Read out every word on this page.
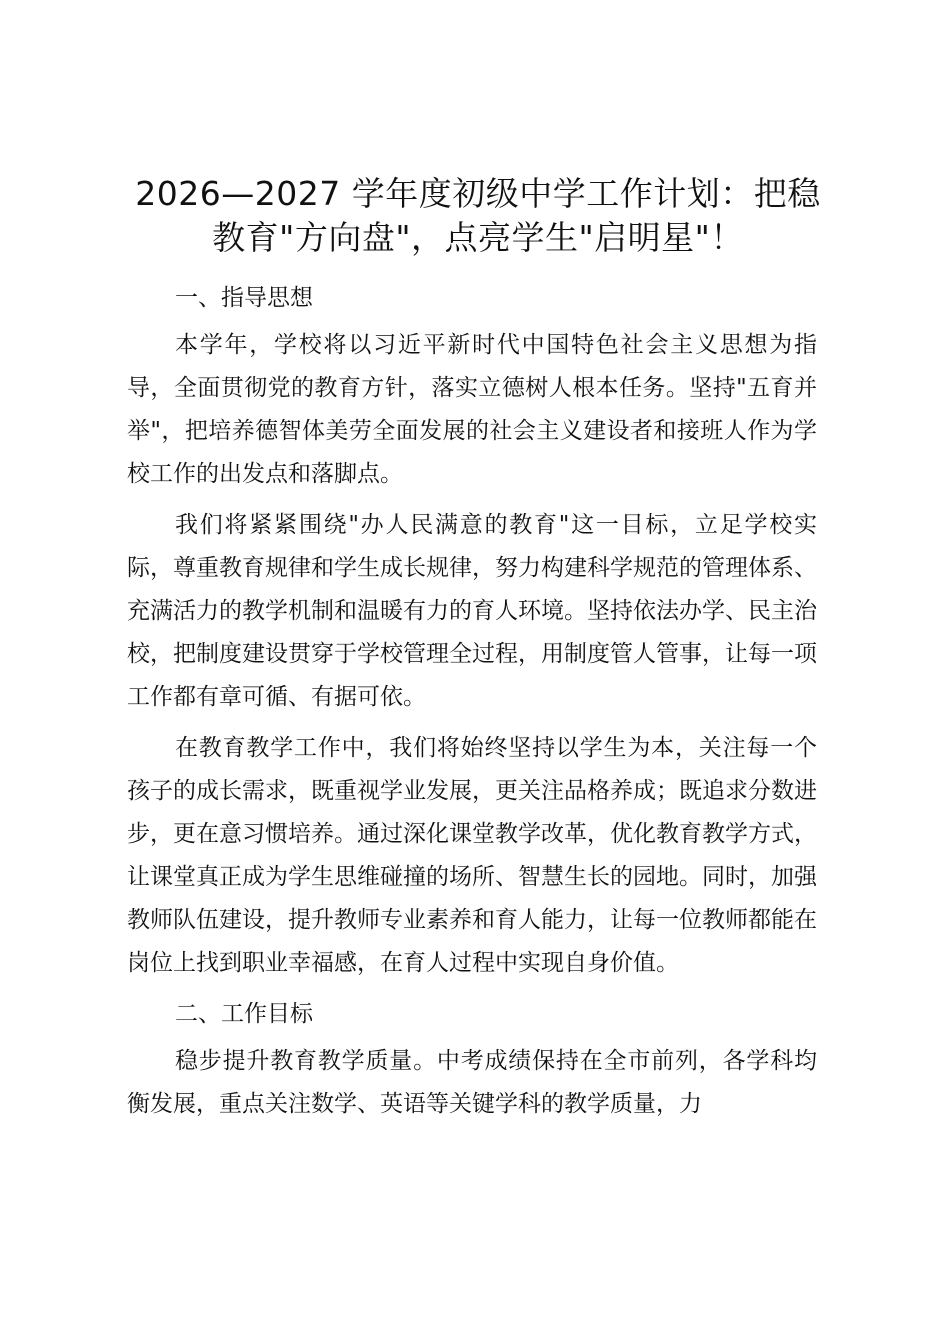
2026—2027 学年度初级中学工作计划：把稳教育"方向盘"，点亮学生"启明星"！

一、指导思想

本学年，学校将以习近平新时代中国特色社会主义思想为指导，全面贯彻党的教育方针，落实立德树人根本任务。坚持"五育并举"，把培养德智体美劳全面发展的社会主义建设者和接班人作为学校工作的出发点和落脚点。

我们将紧紧围绕"办人民满意的教育"这一目标，立足学校实际，尊重教育规律和学生成长规律，努力构建科学规范的管理体系、充满活力的教学机制和温暖有力的育人环境。坚持依法办学、民主治校，把制度建设贯穿于学校管理全过程，用制度管人管事，让每一项工作都有章可循、有据可依。

在教育教学工作中，我们将始终坚持以学生为本，关注每一个孩子的成长需求，既重视学业发展，更关注品格养成；既追求分数进步，更在意习惯培养。通过深化课堂教学改革，优化教育教学方式，让课堂真正成为学生思维碰撞的场所、智慧生长的园地。同时，加强教师队伍建设，提升教师专业素养和育人能力，让每一位教师都能在岗位上找到职业幸福感，在育人过程中实现自身价值。

二、工作目标

稳步提升教育教学质量。中考成绩保持在全市前列，各学科均衡发展，重点关注数学、英语等关键学科的教学质量，力
